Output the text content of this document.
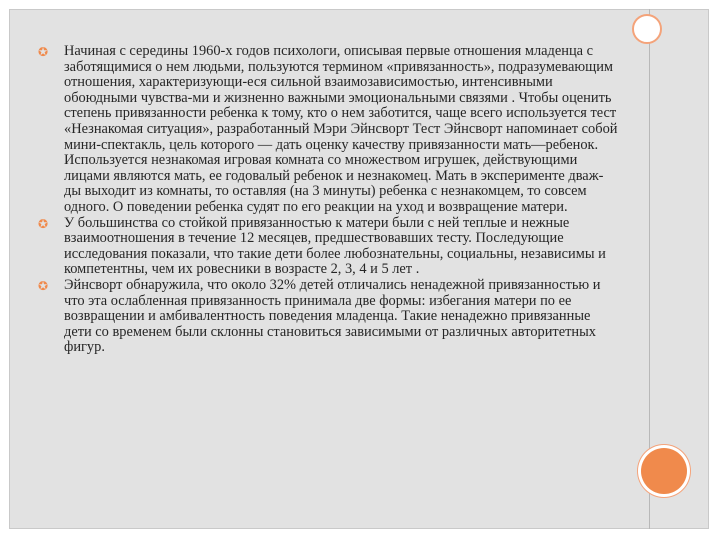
✪ Начиная с середины 1960-х годов психологи, описывая первые отношения младенца с заботящимися о нем людьми, пользуются термином «привязанность», подразумевающим отношения, характеризующи-еся сильной взаимозависимостью, интенсивными обоюдными чувства-ми и жизненно важными эмоциональными связями . Чтобы оценить степень привязанности ребенка к тому, кто о нем заботится, чаще всего используется тест «Незнакомая ситуация», разработанный Мэри Эйнсворт Тест Эйнсворт напоминает собой мини-спектакль, цель которого — дать оценку качеству привязанности мать—ребенок. Используется незнакомая игровая комната со множеством игрушек, действующими лицами являются мать, ее годовалый ребенок и незнакомец. Мать в эксперименте дваж-ды выходит из комнаты, то оставляя (на 3 минуты) ребенка с незнакомцем, то совсем одного. О поведении ребенка судят по его реакции на уход и возвращение матери.

✪ У большинства со стойкой привязанностью к матери были с ней теплые и нежные взаимоотношения в течение 12 месяцев, предшествовавших тесту. Последующие исследования показали, что такие дети более любознательны, социальны, независимы и компетентны, чем их ровесники в возрасте 2, 3, 4 и 5 лет .

✪ Эйнсворт обнаружила, что около 32% детей отличались ненадежной привязанностью и что эта ослабленная привязанность принимала две формы: избегания матери по ее возвращении и амбивалентность поведения младенца. Такие ненадежно привязанные дети со временем были склонны становиться зависимыми от различных авторитетных фигур.
